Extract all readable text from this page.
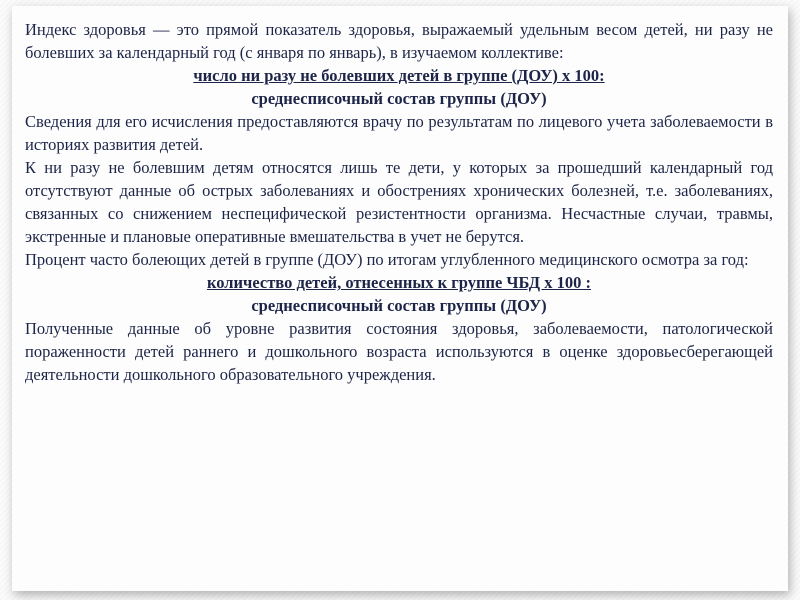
Индекс здоровья — это прямой показатель здоровья, выражаемый удельным весом детей, ни разу не болевших за календарный год (с января по январь), в изучаемом коллективе:

число ни разу не болевших детей в группе (ДОУ) х 100:

среднесписочный состав группы (ДОУ)

Сведения для его исчисления предоставляются врачу по результатам по лицевого учета заболеваемости в историях развития детей.

К ни разу не болевшим детям относятся лишь те дети, у которых за прошедший календарный год отсутствуют данные об острых заболеваниях и обострениях хронических болезней, т.е. заболеваниях, связанных со снижением неспецифической резистентности организма. Несчастные случаи, травмы, экстренные и плановые оперативные вмешательства в учет не берутся.

Процент часто болеющих детей в группе (ДОУ) по итогам углубленного медицинского осмотра за год:

количество детей, отнесенных к группе ЧБД х 100 :

среднесписочный состав группы (ДОУ)

Полученные данные об уровне развития состояния здоровья, заболеваемости, патологической пораженности детей раннего и дошкольного возраста используются в оценке здоровьесберегающей деятельности дошкольного образовательного учреждения.
